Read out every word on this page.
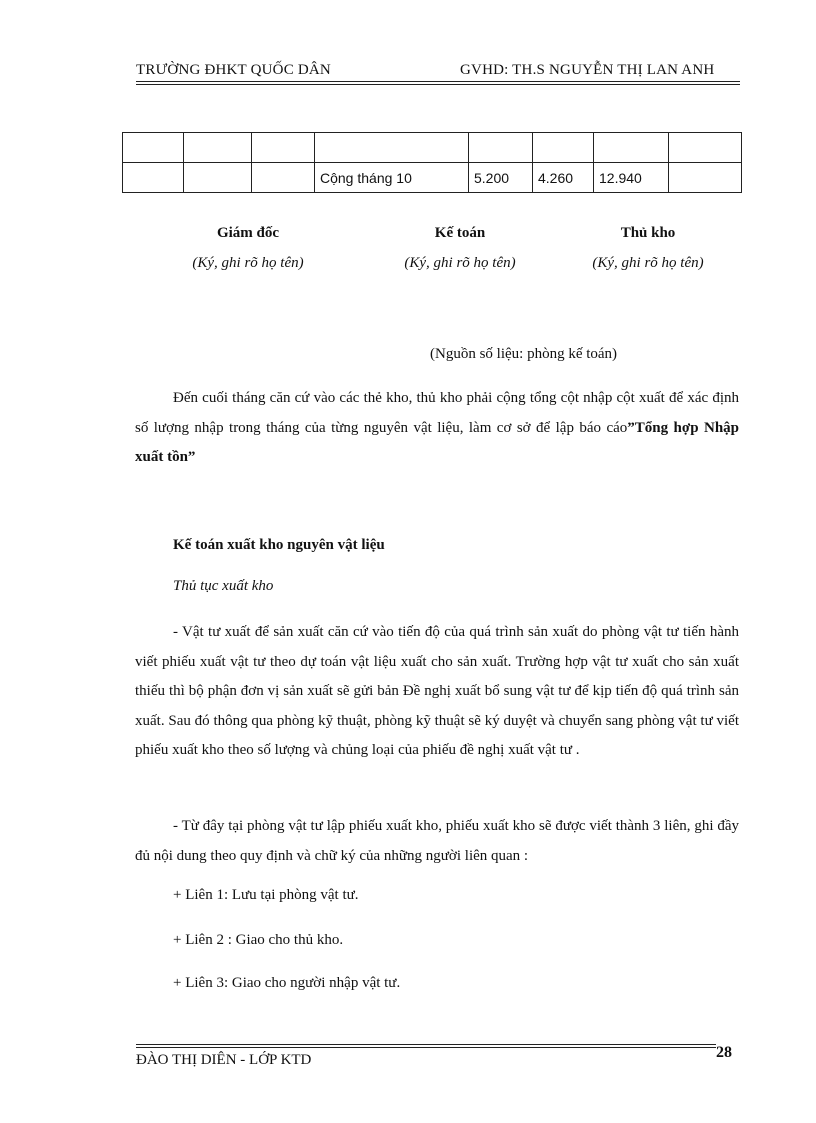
TRƯỜNG ĐHKT QUỐC DÂN	GVHD: TH.S NGUYỄN THỊ LAN ANH

			Cộng tháng 10	5.200	4.260	12.940	
Giám đốc
(Ký, ghi rõ họ tên)
Kế toán
(Ký, ghi rõ họ tên)
Thủ kho
(Ký, ghi rõ họ tên)
(Nguồn số liệu: phòng kế toán)
Đến cuối tháng căn cứ vào các thẻ kho, thủ kho phải cộng tổng cột nhập cột xuất để xác định số lượng nhập trong tháng của từng nguyên vật liệu, làm cơ sở để lập báo cáo”Tổng hợp Nhập xuất tồn”
Kế toán xuất kho nguyên vật liệu
Thủ tục xuất kho
- Vật tư xuất để sản xuất căn cứ vào tiến độ của quá trình sản xuất do phòng vật tư tiến hành viết phiếu xuất vật tư theo dự toán vật liệu xuất cho sản xuất. Trường hợp vật tư xuất cho sản xuất thiếu thì bộ phận đơn vị sản xuất sẽ gửi bản Đề nghị xuất bổ sung vật tư để kịp tiến độ quá trình sản xuất. Sau đó thông qua phòng kỹ thuật, phòng kỹ thuật sẽ ký duyệt và chuyển sang phòng vật tư viết phiếu xuất kho theo số lượng và chủng loại của phiếu đề nghị xuất vật tư .
- Từ đây tại phòng vật tư lập phiếu xuất kho, phiếu xuất kho sẽ được viết thành 3 liên, ghi đầy đủ nội dung theo quy định và chữ ký của những người liên quan :
+ Liên 1: Lưu tại phòng vật tư.
+ Liên 2 : Giao cho thủ kho.
+ Liên 3: Giao cho người nhập vật tư.
ĐÀO THỊ DIÊN - LỚP KTD	28
